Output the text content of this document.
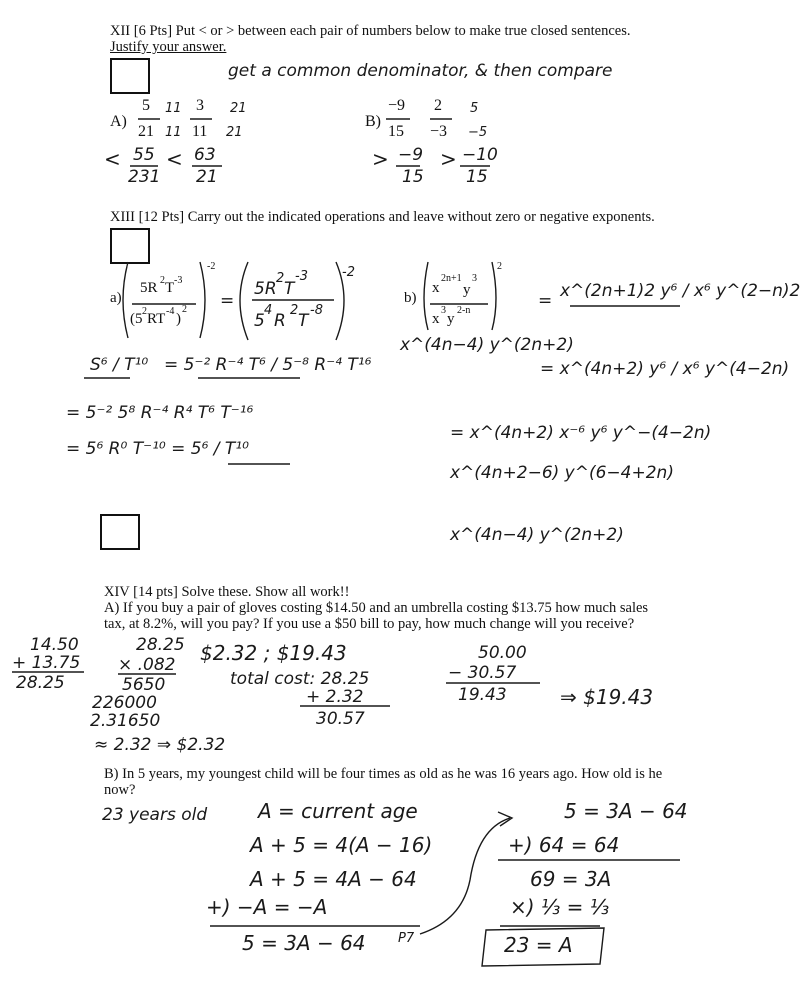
XII [6 Pts] Put < or > between each pair of numbers below to make true closed sentences.
Justify your answer.
get a common denominator, & then compare
A)
5
21
3
11
11
11
21
21
< 55
231
< 63
21
B)
−9
15
2
−3
5
−5
> −9
15
> −10
15
XIII [12 Pts] Carry out the indicated operations and leave without zero or negative exponents.
a)
5R 2 T -3
(5 2 RT -4 )
2
-2
=
5R
2
T
-3
5
4
R
2
T
-8
-2
b)
x
2n+1
y
3
x
3
y
2-n
2
= x^(2n+1)2 y⁶ / x⁶ y^(2−n)2
x^(4n−4) y^(2n+2)
= x^(4n+2) y⁶ / x⁶ y^(4−2n)
= x^(4n+2) x⁻⁶ y⁶ y^−(4−2n)
x^(4n+2−6) y^(6−4+2n)
x^(4n−4) y^(2n+2)
S⁶ / T¹⁰ = 5⁻² R⁻⁴ T⁶ / 5⁻⁸ R⁻⁴ T¹⁶
= 5⁻² 5⁸ R⁻⁴ R⁴ T⁶ T⁻¹⁶
= 5⁶ R⁰ T⁻¹⁰ = 5⁶ / T¹⁰
XIV [14 pts] Solve these. Show all work!!
A) If you buy a pair of gloves costing $14.50 and an umbrella costing $13.75 how much sales
tax, at 8.2%, will you pay? If you use a $50 bill to pay, how much change will you receive?
14.50
+ 13.75
28.25
28.25
× .082
5650
226000
2.31650
≈ 2.32 ⇒ $2.32
$2.32 ; $19.43
total cost: 28.25
+ 2.32
30.57
50.00
− 30.57
19.43	⇒ $19.43
B) In 5 years, my youngest child will be four times as old as he was 16 years ago. How old is he
now?
23 years old	A = current age
A + 5 = 4(A − 16)
A + 5 = 4A − 64
+) −A = −A
5 = 3A − 64 P7
5 = 3A − 64
+) 64 = 64
69 = 3A
×) ⅓ = ⅓
23 = A
